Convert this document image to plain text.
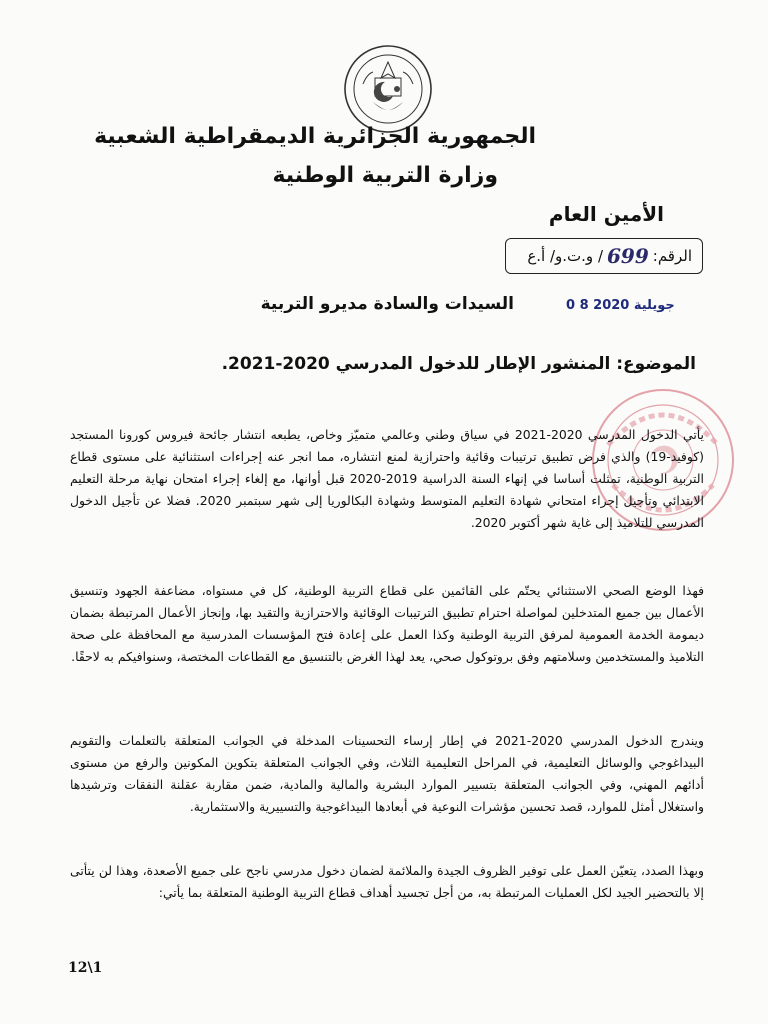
الجمهورية الجزائرية الديمقراطية الشعبية
وزارة التربية الوطنية
الأمين العام
الرقم:
699
/ و.ت.و/ أ.ع
0 8 جويلية 2020
السيدات والسادة مديرو التربية
الموضوع: المنشور الإطار للدخول المدرسي 2020-2021.

يأتي الدخول المدرسي 2020-2021 في سياق وطني وعالمي متميّز وخاص، يطبعه انتشار جائحة فيروس كورونا المستجد (كوفيد-19) والذي فرض تطبيق ترتيبات وقائية واحترازية لمنع انتشاره، مما انجر عنه إجراءات استثنائية على مستوى قطاع التربية الوطنية، تمثلت أساسا في إنهاء السنة الدراسية 2019-2020 قبل أوانها، مع إلغاء إجراء امتحان نهاية مرحلة التعليم الابتدائي وتأجيل إجراء امتحاني شهادة التعليم المتوسط وشهادة البكالوريا إلى شهر سبتمبر 2020. فضلا عن تأجيل الدخول المدرسي للتلاميذ إلى غاية شهر أكتوبر 2020.

فهذا الوضع الصحي الاستثنائي يحتّم على القائمين على قطاع التربية الوطنية، كل في مستواه، مضاعفة الجهود وتنسيق الأعمال بين جميع المتدخلين لمواصلة احترام تطبيق الترتيبات الوقائية والاحترازية والتقيد بها، وإنجاز الأعمال المرتبطة بضمان ديمومة الخدمة العمومية لمرفق التربية الوطنية وكذا العمل على إعادة فتح المؤسسات المدرسية مع المحافظة على صحة التلاميذ والمستخدمين وسلامتهم وفق بروتوكول صحي، يعد لهذا الغرض بالتنسيق مع القطاعات المختصة، وسنوافيكم به لاحقًا.

ويندرج الدخول المدرسي 2020-2021 في إطار إرساء التحسينات المدخلة في الجوانب المتعلقة بالتعلمات والتقويم البيداغوجي والوسائل التعليمية، في المراحل التعليمية الثلاث، وفي الجوانب المتعلقة بتكوين المكونين والرفع من مستوى أدائهم المهني، وفي الجوانب المتعلقة بتسيير الموارد البشرية والمالية والمادية، ضمن مقاربة عقلنة النفقات وترشيدها واستغلال أمثل للموارد، قصد تحسين مؤشرات النوعية في أبعادها البيداغوجية والتسييرية والاستثمارية.

وبهذا الصدد، يتعيّن العمل على توفير الظروف الجيدة والملائمة لضمان دخول مدرسي ناجح على جميع الأصعدة، وهذا لن يتأتى إلا بالتحضير الجيد لكل العمليات المرتبطة به، من أجل تجسيد أهداف قطاع التربية الوطنية المتعلقة بما يأتي:

12\1
